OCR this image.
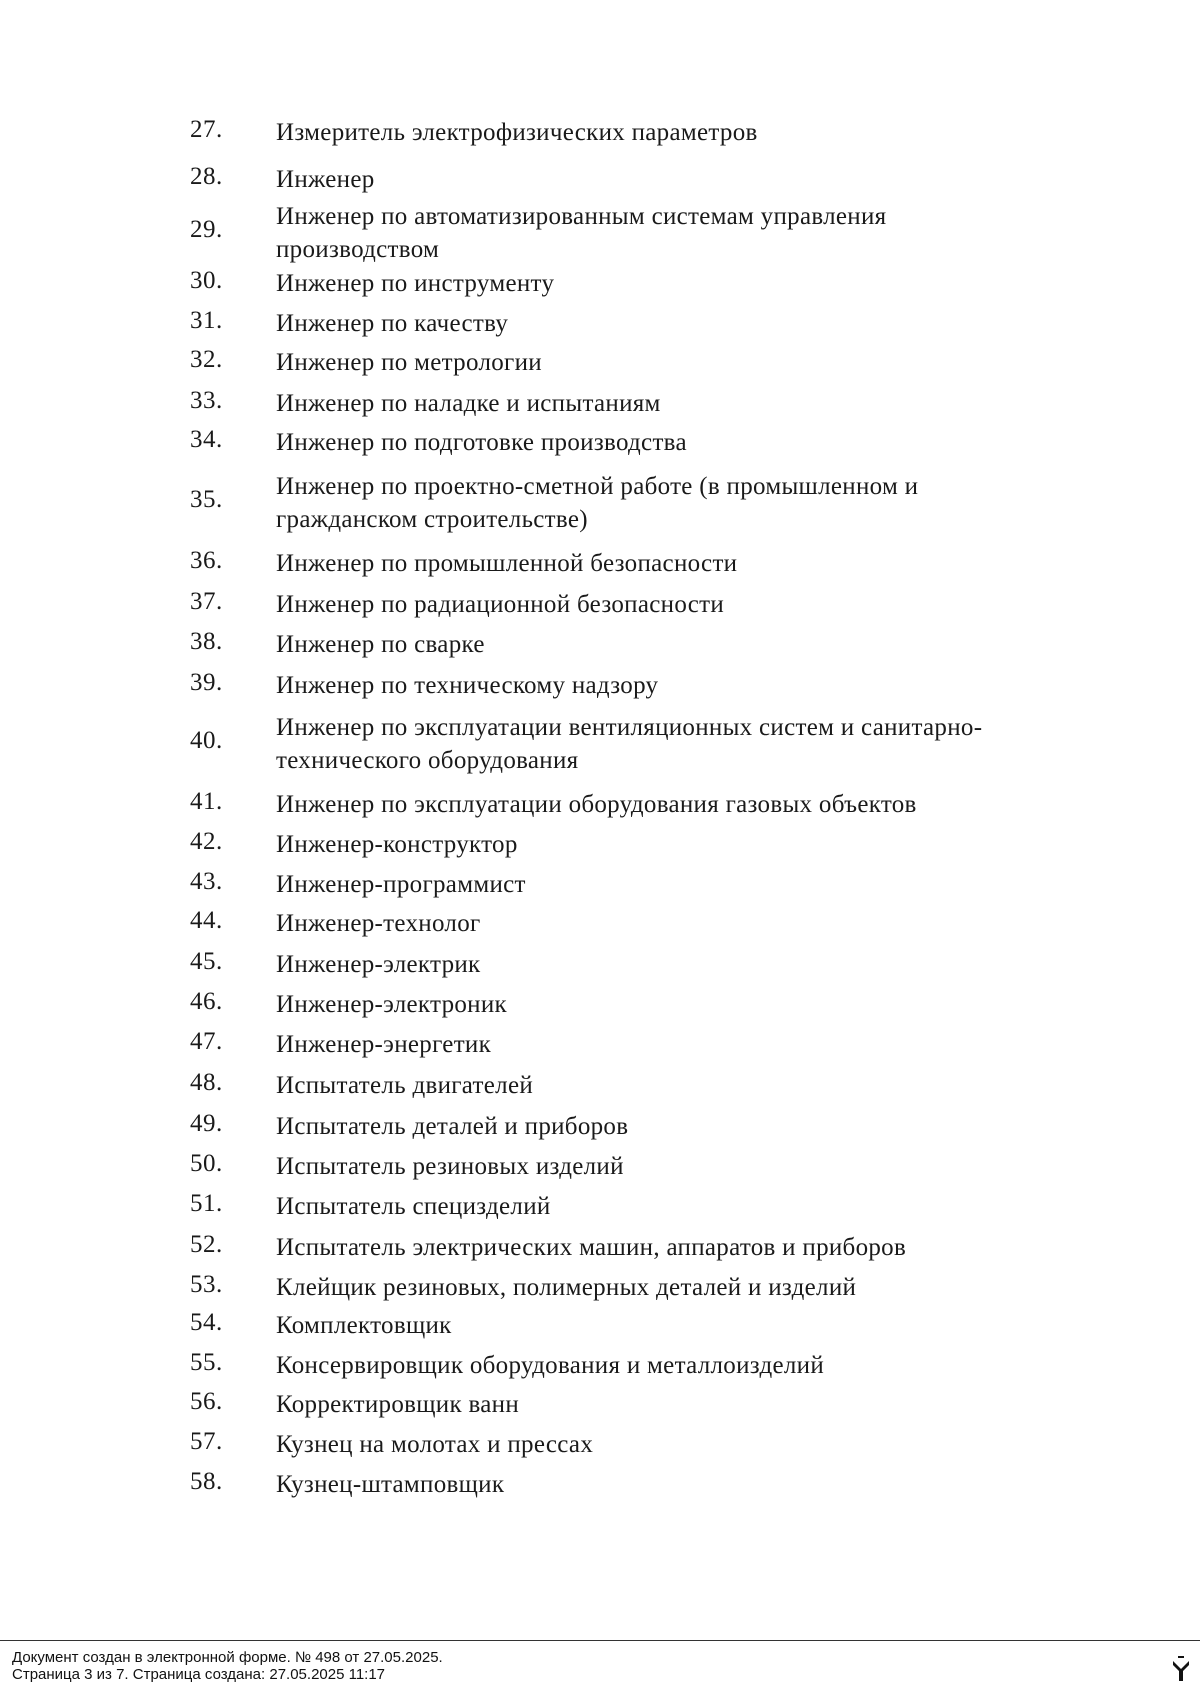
27. Измеритель электрофизических параметров
28. Инженер
29. Инженер по автоматизированным системам управления
производством
30. Инженер по инструменту
31. Инженер по качеству
32. Инженер по метрологии
33. Инженер по наладке и испытаниям
34. Инженер по подготовке производства
35. Инженер по проектно-сметной работе (в промышленном и
гражданском строительстве)
36. Инженер по промышленной безопасности
37. Инженер по радиационной безопасности
38. Инженер по сварке
39. Инженер по техническому надзору
40. Инженер по эксплуатации вентиляционных систем и санитарно-
технического оборудования
41. Инженер по эксплуатации оборудования газовых объектов
42. Инженер-конструктор
43. Инженер-программист
44. Инженер-технолог
45. Инженер-электрик
46. Инженер-электроник
47. Инженер-энергетик
48. Испытатель двигателей
49. Испытатель деталей и приборов
50. Испытатель резиновых изделий
51. Испытатель специзделий
52. Испытатель электрических машин, аппаратов и приборов
53. Клейщик резиновых, полимерных деталей и изделий
54. Комплектовщик
55. Консервировщик оборудования и металлоизделий
56. Корректировщик ванн
57. Кузнец на молотах и прессах
58. Кузнец-штамповщик
Документ создан в электронной форме. № 498 от 27.05.2025.
Страница 3 из 7. Страница создана: 27.05.2025 11:17
